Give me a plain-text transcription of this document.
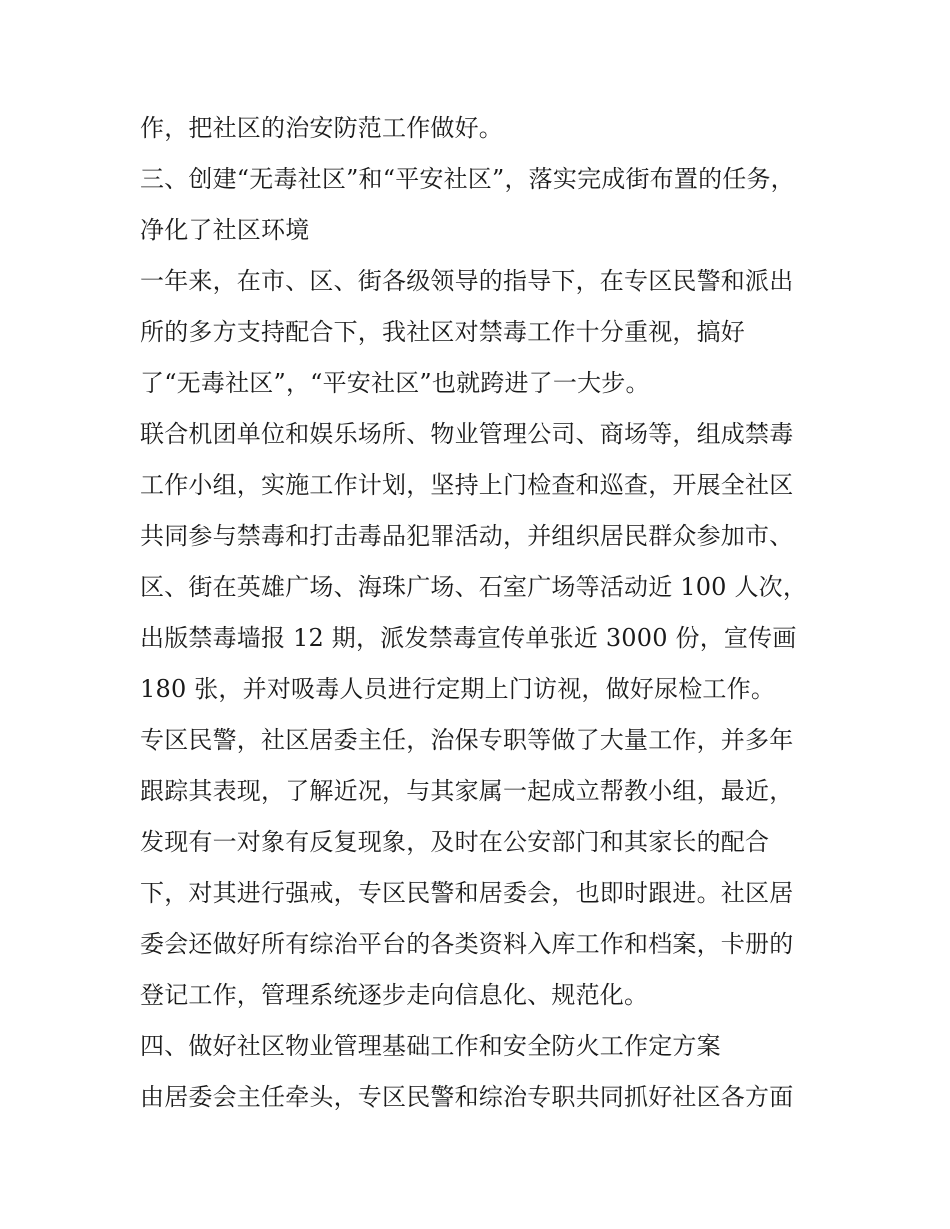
作，把社区的治安防范工作做好。
三、创建“无毒社区”和“平安社区”，落实完成街布置的任务，
净化了社区环境
一年来，在市、区、街各级领导的指导下，在专区民警和派出
所的多方支持配合下，我社区对禁毒工作十分重视，搞好
了“无毒社区”，“平安社区”也就跨进了一大步。
联合机团单位和娱乐场所、物业管理公司、商场等，组成禁毒
工作小组，实施工作计划，坚持上门检查和巡查，开展全社区
共同参与禁毒和打击毒品犯罪活动，并组织居民群众参加市、
区、街在英雄广场、海珠广场、石室广场等活动近 100 人次，
出版禁毒墙报 12 期，派发禁毒宣传单张近 3000 份，宣传画
180 张，并对吸毒人员进行定期上门访视，做好尿检工作。
专区民警，社区居委主任，治保专职等做了大量工作，并多年
跟踪其表现，了解近况，与其家属一起成立帮教小组，最近，
发现有一对象有反复现象，及时在公安部门和其家长的配合
下，对其进行强戒，专区民警和居委会，也即时跟进。社区居
委会还做好所有综治平台的各类资料入库工作和档案，卡册的
登记工作，管理系统逐步走向信息化、规范化。
四、做好社区物业管理基础工作和安全防火工作定方案
由居委会主任牵头，专区民警和综治专职共同抓好社区各方面
